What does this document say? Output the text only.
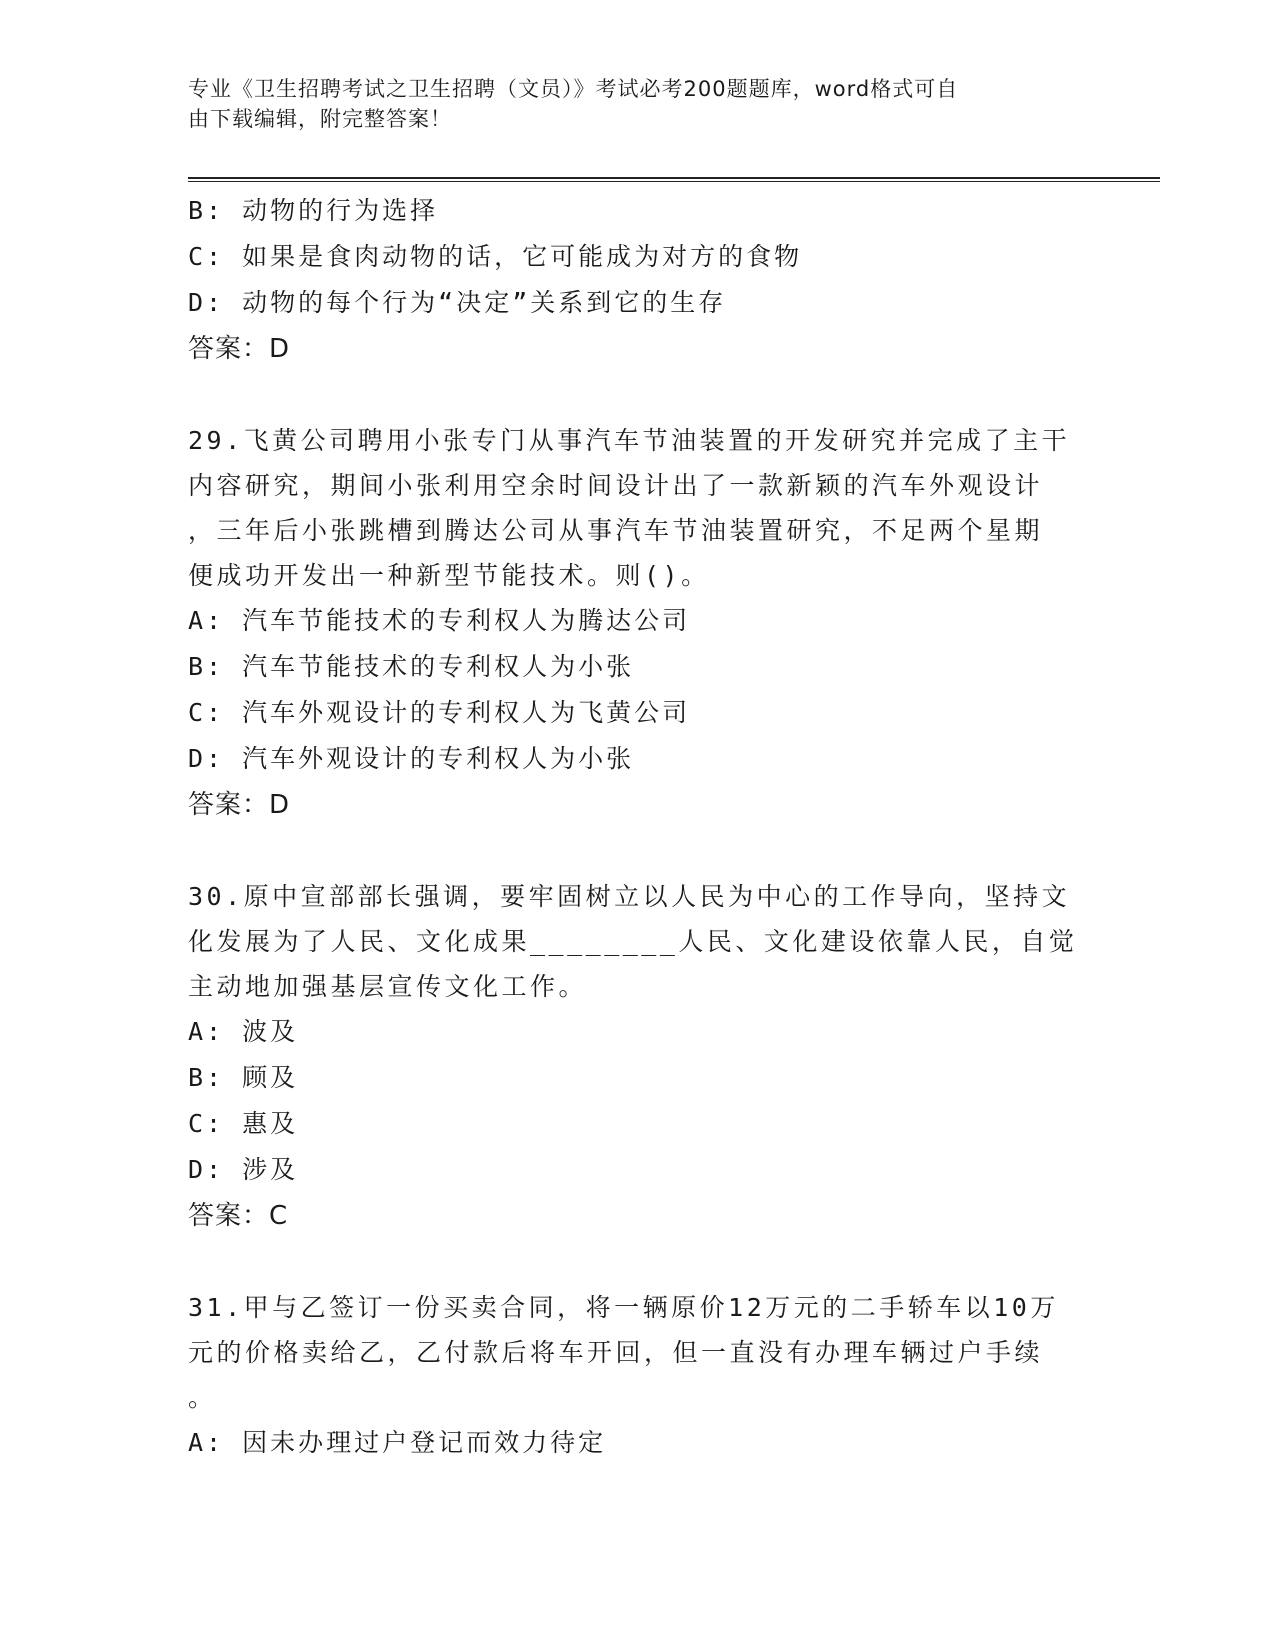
专业《卫生招聘考试之卫生招聘（文员）》考试必考200题题库，word格式可自
由下载编辑，附完整答案！
B: 动物的行为选择
C: 如果是食肉动物的话，它可能成为对方的食物
D: 动物的每个行为“决定”关系到它的生存
答案：D
29.飞黄公司聘用小张专门从事汽车节油装置的开发研究并完成了主干
内容研究，期间小张利用空余时间设计出了一款新颖的汽车外观设计
，三年后小张跳槽到腾达公司从事汽车节油装置研究，不足两个星期
便成功开发出一种新型节能技术。则()。
A: 汽车节能技术的专利权人为腾达公司
B: 汽车节能技术的专利权人为小张
C: 汽车外观设计的专利权人为飞黄公司
D: 汽车外观设计的专利权人为小张
答案：D
30.原中宣部部长强调，要牢固树立以人民为中心的工作导向，坚持文
化发展为了人民、文化成果________人民、文化建设依靠人民，自觉
主动地加强基层宣传文化工作。
A: 波及
B: 顾及
C: 惠及
D: 涉及
答案：C
31.甲与乙签订一份买卖合同，将一辆原价12万元的二手轿车以10万
元的价格卖给乙，乙付款后将车开回，但一直没有办理车辆过户手续
。
A: 因未办理过户登记而效力待定
